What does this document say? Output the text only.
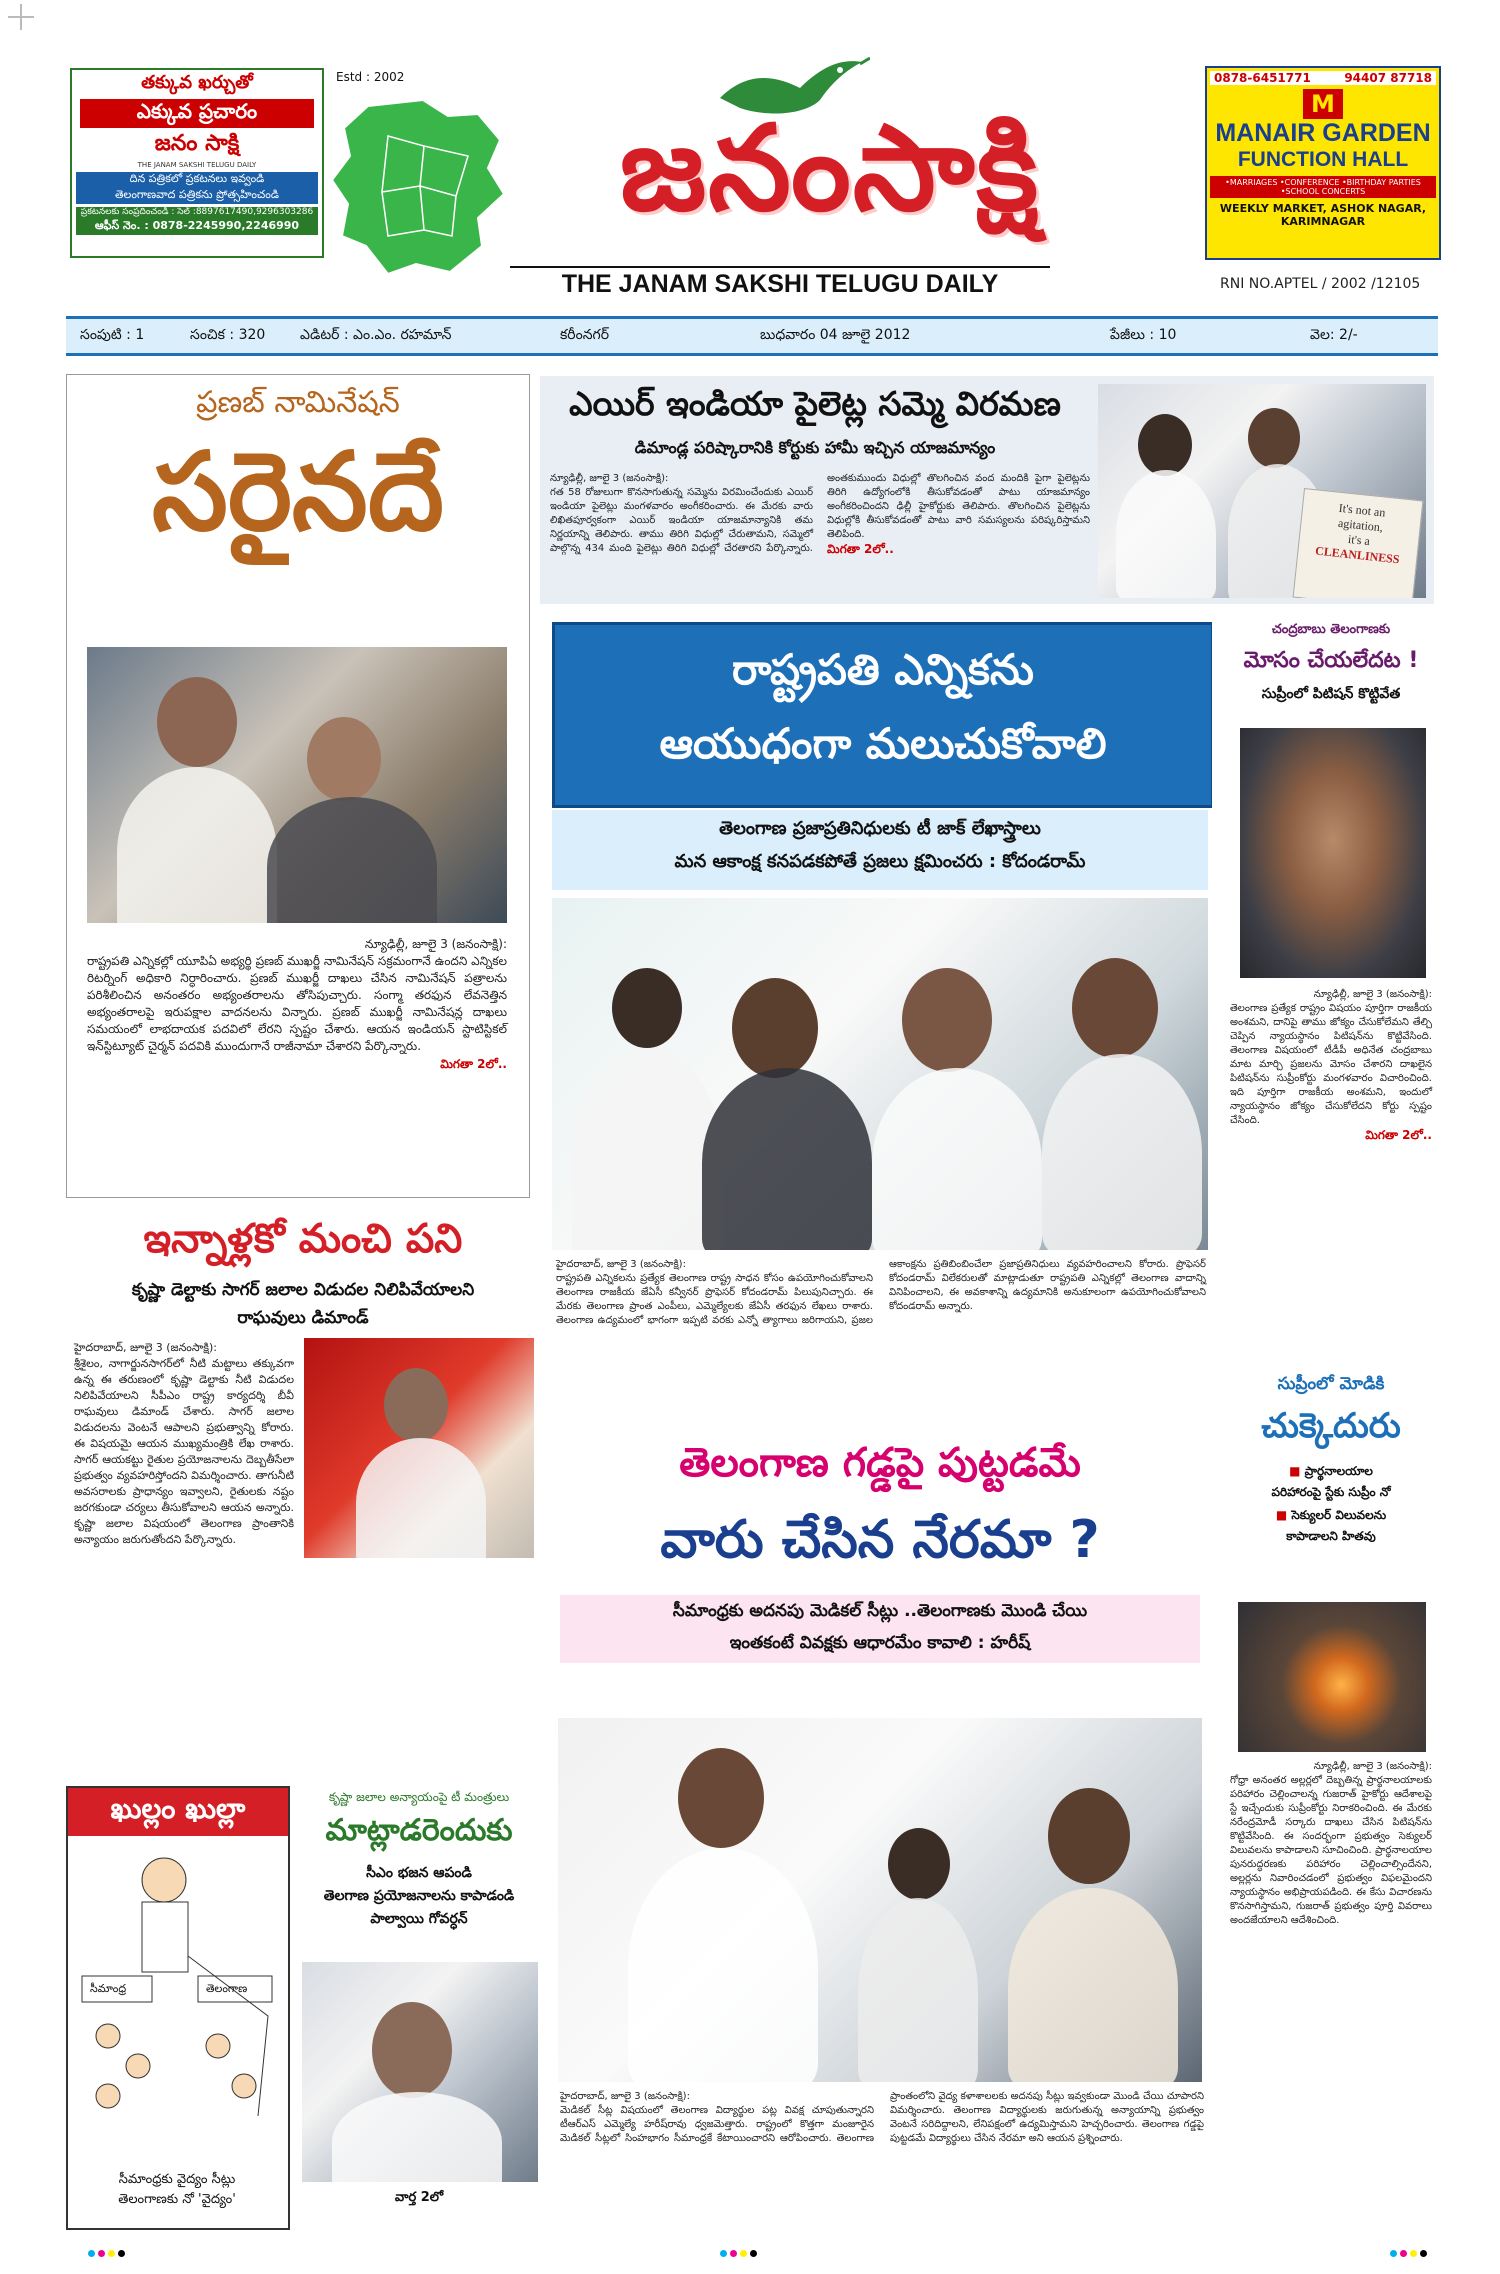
తక్కువ ఖర్చుతో
ఎక్కువ ప్రచారం
జనం సాక్షి
THE JANAM SAKSHI TELUGU DAILY
దిన పత్రికలో ప్రకటనలు ఇవ్వండి
తెలంగాణవాద పత్రికను ప్రోత్సహించండి
ప్రకటనలకు సంప్రదించండి : సెల్ :8897617490,9296303286
ఆఫీస్ నెం. : 0878-2245990,2246990
Estd : 2002
జనంసాక్షి
THE JANAM SAKSHI TELUGU DAILY
0878-6451771	94407 87718
M
MANAIR GARDEN
FUNCTION HALL
•MARRIAGES •CONFERENCE •BIRTHDAY PARTIES •SCHOOL CONCERTS
WEEKLY MARKET, ASHOK NAGAR, KARIMNAGAR
RNI NO.APTEL / 2002 /12105
సంపుటి : 1	సంచిక : 320	ఎడిటర్ : ఎం.ఎం. రహమాన్	కరీంనగర్	బుధవారం 04 జూలై 2012	పేజీలు : 10	వెల: 2/-
ప్రణబ్ నామినేషన్
సరైనదే
న్యూఢిల్లీ, జూలై 3 (జనంసాక్షి):
రాష్ట్రపతి ఎన్నికల్లో యూపిఏ అభ్యర్థి ప్రణబ్ ముఖర్జీ నామినేషన్ సక్రమంగానే ఉందని ఎన్నికల రిటర్నింగ్ అధికారి నిర్ధారించారు. ప్రణబ్ ముఖర్జీ దాఖలు చేసిన నామినేషన్ పత్రాలను పరిశీలించిన అనంతరం అభ్యంతరాలను తోసిపుచ్చారు. సంగ్మా తరఫున లేవనెత్తిన అభ్యంతరాలపై ఇరుపక్షాల వాదనలను విన్నారు. ప్రణబ్ ముఖర్జీ నామినేషన్ల దాఖలు సమయంలో లాభదాయక పదవిలో లేరని స్పష్టం చేశారు. ఆయన ఇండియన్ స్టాటిస్టికల్ ఇన్‌స్టిట్యూట్ చైర్మన్ పదవికి ముందుగానే రాజీనామా చేశారని పేర్కొన్నారు.
మిగతా 2లో..
ఇన్నాళ్లకో మంచి పని
కృష్ణా డెల్టాకు సాగర్ జలాల విడుదల నిలిపివేయాలని
రాఘవులు డిమాండ్
హైదరాబాద్, జూలై 3 (జనంసాక్షి):
శ్రీశైలం, నాగార్జునసాగర్‌లో నీటి మట్టాలు తక్కువగా ఉన్న ఈ తరుణంలో కృష్ణా డెల్టాకు నీటి విడుదల నిలిపివేయాలని సీపీఎం రాష్ట్ర కార్యదర్శి బీవీ రాఘవులు డిమాండ్ చేశారు. సాగర్ జలాల విడుదలను వెంటనే ఆపాలని ప్రభుత్వాన్ని కోరారు. ఈ విషయమై ఆయన ముఖ్యమంత్రికి లేఖ రాశారు. సాగర్ ఆయకట్టు రైతుల ప్రయోజనాలను దెబ్బతీసేలా ప్రభుత్వం వ్యవహరిస్తోందని విమర్శించారు. తాగునీటి అవసరాలకు ప్రాధాన్యం ఇవ్వాలని, రైతులకు నష్టం జరగకుండా చర్యలు తీసుకోవాలని ఆయన అన్నారు. కృష్ణా జలాల విషయంలో తెలంగాణ ప్రాంతానికి అన్యాయం జరుగుతోందని పేర్కొన్నారు.
ఖుల్లం ఖుల్లా
సీమాంధ్ర	తెలంగాణ
సీమాంధ్రకు వైద్యం సీట్లు
తెలంగాణకు నో 'వైద్యం'
కృష్ణా జలాల అన్యాయంపై టీ మంత్రులు
మాట్లాడరెందుకు
సీఎం భజన ఆపండి
తెలగాణ ప్రయోజనాలను కాపాడండి
పాల్వాయి గోవర్ధన్
వార్త 2లో
ఎయిర్ ఇండియా పైలెట్ల సమ్మె విరమణ
డిమాండ్ల పరిష్కారానికి కోర్టుకు హామీ ఇచ్చిన యాజమాన్యం
న్యూఢిల్లీ, జూలై 3 (జనంసాక్షి):
గత 58 రోజులుగా కొనసాగుతున్న సమ్మెను విరమించేందుకు ఎయిర్ ఇండియా పైలెట్లు మంగళవారం అంగీకరించారు. ఈ మేరకు వారు లిఖితపూర్వకంగా ఎయిర్ ఇండియా యాజమాన్యానికి తమ నిర్ణయాన్ని తెలిపారు. తాము తిరిగి విధుల్లో చేరుతామని, సమ్మెలో పాల్గొన్న 434 మంది పైలెట్లు తిరిగి విధుల్లో చేరతారని పేర్కొన్నారు. అంతకుముందు విధుల్లో తొలగించిన వంద మందికి పైగా పైలెట్లను తిరిగి ఉద్యోగంలోకి తీసుకోవడంతో పాటు యాజమాన్యం అంగీకరించిందని ఢిల్లీ హైకోర్టుకు తెలిపారు. తొలగించిన పైలెట్లను విధుల్లోకి తీసుకోవడంతో పాటు వారి సమస్యలను పరిష్కరిస్తామని తెలిపింది.
మిగతా 2లో..
It's not an
agitation,
it's a
CLEANLINESS
రాష్ట్రపతి ఎన్నికను
ఆయుధంగా మలుచుకోవాలి
తెలంగాణ ప్రజాప్రతినిధులకు టీ జాక్ లేఖాస్త్రాలు
మన ఆకాంక్ష కనపడకపోతే ప్రజలు క్షమించరు : కోదండరామ్
హైదరాబాద్, జూలై 3 (జనంసాక్షి):
రాష్ట్రపతి ఎన్నికలను ప్రత్యేక తెలంగాణ రాష్ట్ర సాధన కోసం ఉపయోగించుకోవాలని తెలంగాణ రాజకీయ జేఏసీ కన్వీనర్ ప్రొఫెసర్ కోదండరామ్ పిలుపునిచ్చారు. ఈ మేరకు తెలంగాణ ప్రాంత ఎంపీలు, ఎమ్మెల్యేలకు జేఏసీ తరఫున లేఖలు రాశారు. తెలంగాణ ఉద్యమంలో భాగంగా ఇప్పటి వరకు ఎన్నో త్యాగాలు జరిగాయని, ప్రజల ఆకాంక్షను ప్రతిబింబించేలా ప్రజాప్రతినిధులు వ్యవహరించాలని కోరారు. ప్రొఫెసర్ కోదండరామ్ విలేకరులతో మాట్లాడుతూ రాష్ట్రపతి ఎన్నికల్లో తెలంగాణ వాదాన్ని వినిపించాలని, ఈ అవకాశాన్ని ఉద్యమానికి అనుకూలంగా ఉపయోగించుకోవాలని కోదండరామ్ అన్నారు.
చంద్రబాబు తెలంగాణకు
మోసం చేయలేదట !
సుప్రీంలో పిటిషన్ కొట్టివేత
న్యూఢిల్లీ, జూలై 3 (జనంసాక్షి):
తెలంగాణ ప్రత్యేక రాష్ట్రం విషయం పూర్తిగా రాజకీయ అంశమని, దానిపై తాము జోక్యం చేసుకోలేమని తేల్చి చెప్పిన న్యాయస్థానం పిటిషన్‌ను కొట్టివేసింది. తెలంగాణ విషయంలో టీడీపీ అధినేత చంద్రబాబు మాట మార్చి ప్రజలను మోసం చేశారని దాఖలైన పిటిషన్‌ను సుప్రీంకోర్టు మంగళవారం విచారించింది. ఇది పూర్తిగా రాజకీయ అంశమని, ఇందులో న్యాయస్థానం జోక్యం చేసుకోలేదని కోర్టు స్పష్టం చేసింది.
మిగతా 2లో..
సుప్రీంలో మోడికి
చుక్కెదురు
■ ప్రార్థనాలయాల
పరిహారంపై స్టేకు సుప్రీం నో
■ సెక్యులర్ విలువలను
కాపాడాలని హితవు
న్యూఢిల్లీ, జూలై 3 (జనంసాక్షి):
గోధ్రా అనంతర అల్లర్లలో దెబ్బతిన్న ప్రార్థనాలయాలకు పరిహారం చెల్లించాలన్న గుజరాత్ హైకోర్టు ఆదేశాలపై స్టే ఇచ్చేందుకు సుప్రీంకోర్టు నిరాకరించింది. ఈ మేరకు నరేంద్రమోడీ సర్కారు దాఖలు చేసిన పిటిషన్‌ను కొట్టివేసింది. ఈ సందర్భంగా ప్రభుత్వం సెక్యులర్ విలువలను కాపాడాలని సూచించింది. ప్రార్థనాలయాల పునరుద్ధరణకు పరిహారం చెల్లించాల్సిందేనని, అల్లర్లను నివారించడంలో ప్రభుత్వం విఫలమైందని న్యాయస్థానం అభిప్రాయపడింది. ఈ కేసు విచారణను కొనసాగిస్తామని, గుజరాత్ ప్రభుత్వం పూర్తి వివరాలు అందజేయాలని ఆదేశించింది.
తెలంగాణ గడ్డపై పుట్టడమే
వారు చేసిన నేరమా ?
సీమాంధ్రకు అదనపు మెడికల్ సీట్లు ..తెలంగాణకు మొండి చేయి
ఇంతకంటే వివక్షకు ఆధారమేం కావాలి : హరీష్
హైదరాబాద్, జూలై 3 (జనంసాక్షి):
మెడికల్ సీట్ల విషయంలో తెలంగాణ విద్యార్థుల పట్ల వివక్ష చూపుతున్నారని టీఆర్ఎస్ ఎమ్మెల్యే హరీష్‌రావు ధ్వజమెత్తారు. రాష్ట్రంలో కొత్తగా మంజూరైన మెడికల్ సీట్లలో సింహభాగం సీమాంధ్రకే కేటాయించారని ఆరోపించారు. తెలంగాణ ప్రాంతంలోని వైద్య కళాశాలలకు అదనపు సీట్లు ఇవ్వకుండా మొండి చేయి చూపారని విమర్శించారు. తెలంగాణ విద్యార్థులకు జరుగుతున్న అన్యాయాన్ని ప్రభుత్వం వెంటనే సరిదిద్దాలని, లేనిపక్షంలో ఉద్యమిస్తామని హెచ్చరించారు. తెలంగాణ గడ్డపై పుట్టడమే విద్యార్థులు చేసిన నేరమా అని ఆయన ప్రశ్నించారు.
